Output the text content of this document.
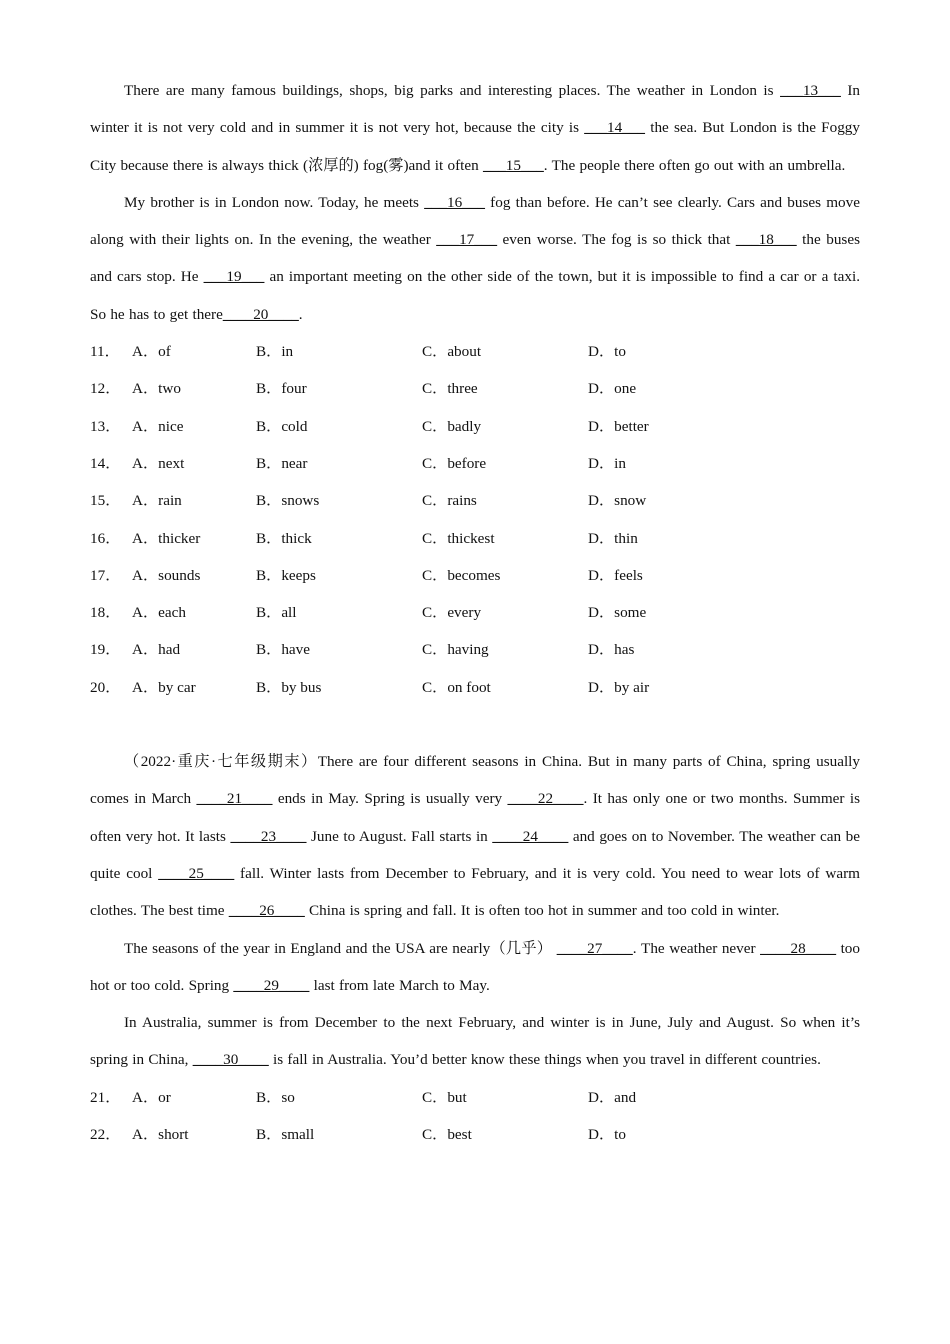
There are many famous buildings, shops, big parks and interesting places. The weather in London is ___13___ In winter it is not very cold and in summer it is not very hot, because the city is ___14___ the sea. But London is the Foggy City because there is always thick (浓厚的) fog(雾)and it often ___15___. The people there often go out with an umbrella.

My brother is in London now. Today, he meets ___16___ fog than before. He can’t see clearly. Cars and buses move along with their lights on. In the evening, the weather ___17___ even worse. The fog is so thick that ___18___ the buses and cars stop. He ___19___ an important meeting on the other side of the town, but it is impossible to find a car or a taxi. So he has to get there____20____.

11． A．of	B．in	C．about	D．to
12． A．two	B．four	C．three	D．one
13． A．nice	B．cold	C．badly	D．better
14． A．next	B．near	C．before	D．in
15． A．rain	B．snows	C．rains	D．snow
16． A．thicker	B．thick	C．thickest	D．thin
17． A．sounds	B．keeps	C．becomes	D．feels
18． A．each	B．all	C．every	D．some
19． A．had	B．have	C．having	D．has
20． A．by car	B．by bus	C．on foot	D．by air

（2022·重庆·七年级期末）There are four different seasons in China. But in many parts of China, spring usually comes in March ____21____ ends in May. Spring is usually very ____22____. It has only one or two months. Summer is often very hot. It lasts ____23____ June to August. Fall starts in ____24____ and goes on to November. The weather can be quite cool ____25____ fall. Winter lasts from December to February, and it is very cold. You need to wear lots of warm clothes. The best time ____26____ China is spring and fall. It is often too hot in summer and too cold in winter.

The seasons of the year in England and the USA are nearly（几乎） ____27____. The weather never ____28____ too hot or too cold. Spring ____29____ last from late March to May.

In Australia, summer is from December to the next February, and winter is in June, July and August. So when it’s spring in China, ____30____ is fall in Australia. You’d better know these things when you travel in different countries.

21． A．or	B．so	C．but	D．and
22． A．short	B．small	C．best	D．to
